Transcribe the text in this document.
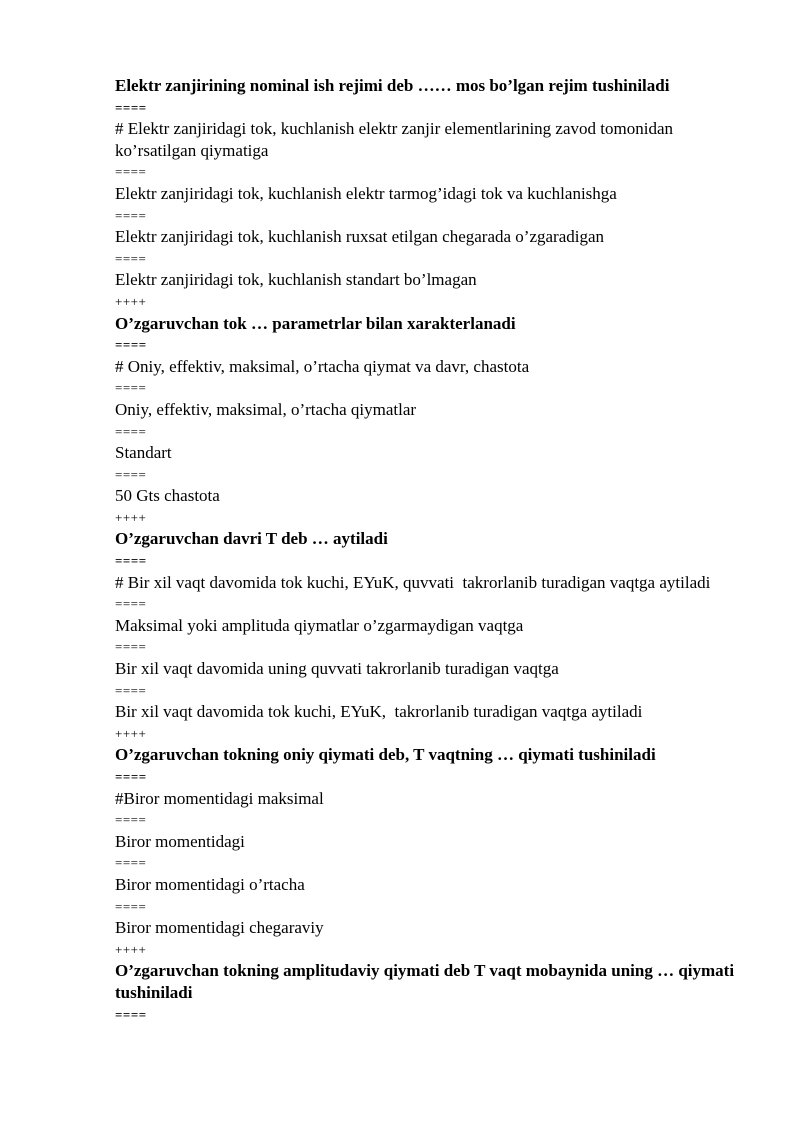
Elektr zanjirining nominal ish rejimi deb …… mos bo’lgan rejim tushiniladi
====
# Elektr zanjiridagi tok, kuchlanish elektr zanjir elementlarining zavod tomonidan ko’rsatilgan qiymatiga
====
Elektr zanjiridagi tok, kuchlanish elektr tarmog’idagi tok va kuchlanishga
====
Elektr zanjiridagi tok, kuchlanish ruxsat etilgan chegarada o’zgaradigan
====
Elektr zanjiridagi tok, kuchlanish standart bo’lmagan
++++
O’zgaruvchan tok … parametrlar bilan xarakterlanadi
====
# Oniy, effektiv, maksimal, o’rtacha qiymat va davr, chastota
====
Oniy, effektiv, maksimal, o’rtacha qiymatlar
====
Standart
====
50 Gts chastota
++++
O’zgaruvchan davri T deb … aytiladi
====
# Bir xil vaqt davomida tok kuchi, EYuK, quvvati  takrorlanib turadigan vaqtga aytiladi
====
Maksimal yoki amplituda qiymatlar o’zgarmaydigan vaqtga
====
Bir xil vaqt davomida uning quvvati takrorlanib turadigan vaqtga
====
Bir xil vaqt davomida tok kuchi, EYuK,  takrorlanib turadigan vaqtga aytiladi
++++
O’zgaruvchan tokning oniy qiymati deb, T vaqtning … qiymati tushiniladi
====
#Biror momentidagi maksimal
====
Biror momentidagi
====
Biror momentidagi o’rtacha
====
Biror momentidagi chegaraviy
++++
O’zgaruvchan tokning amplitudaviy qiymati deb T vaqt mobaynida uning … qiymati tushiniladi
====
